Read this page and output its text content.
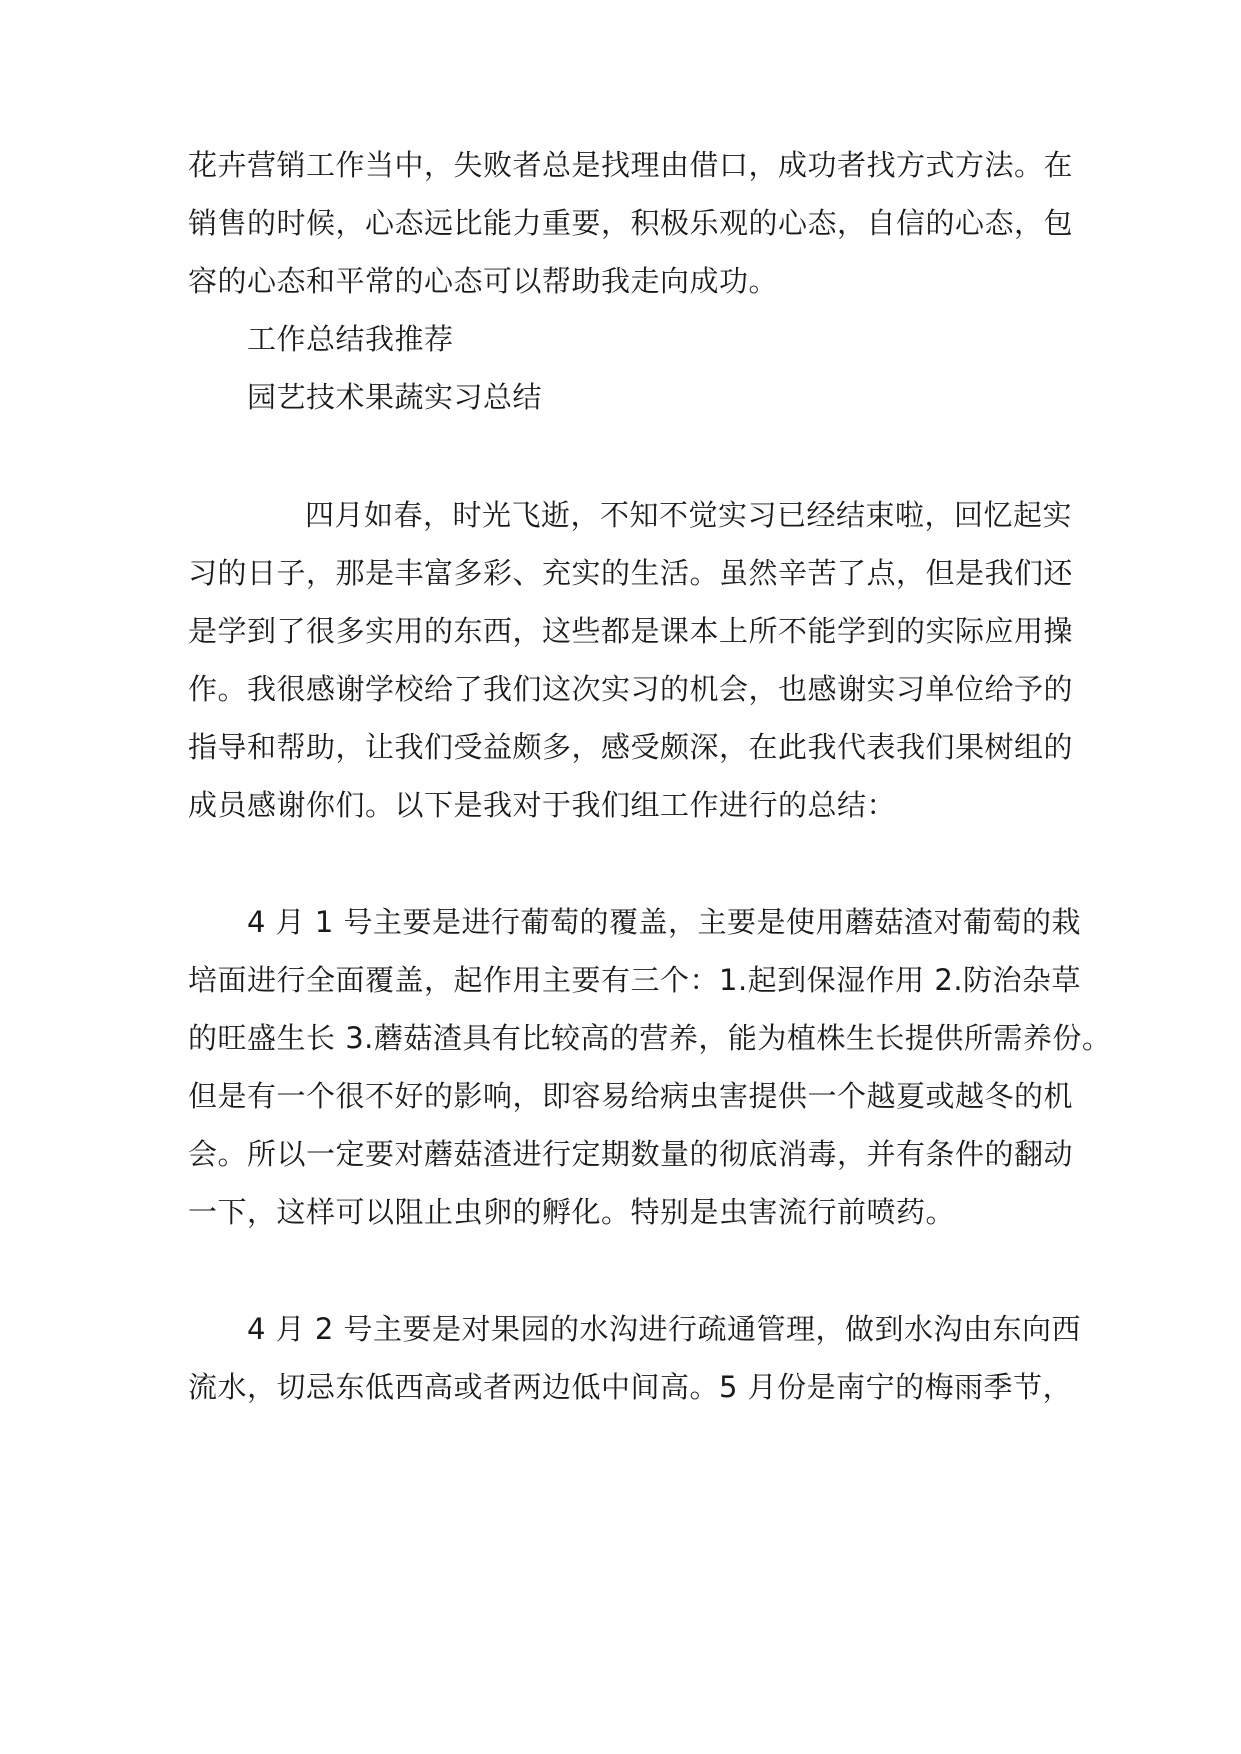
花卉营销工作当中，失败者总是找理由借口，成功者找方式方法。在
销售的时候，心态远比能力重要，积极乐观的心态，自信的心态，包
容的心态和平常的心态可以帮助我走向成功。
工作总结我推荐
园艺技术果蔬实习总结
四月如春，时光飞逝，不知不觉实习已经结束啦，回忆起实
习的日子，那是丰富多彩、充实的生活。虽然辛苦了点，但是我们还
是学到了很多实用的东西，这些都是课本上所不能学到的实际应用操
作。我很感谢学校给了我们这次实习的机会，也感谢实习单位给予的
指导和帮助，让我们受益颇多，感受颇深，在此我代表我们果树组的
成员感谢你们。以下是我对于我们组工作进行的总结：
4 月 1 号主要是进行葡萄的覆盖，主要是使用蘑菇渣对葡萄的栽
培面进行全面覆盖，起作用主要有三个：1.起到保湿作用 2.防治杂草
的旺盛生长 3.蘑菇渣具有比较高的营养，能为植株生长提供所需养份。
但是有一个很不好的影响，即容易给病虫害提供一个越夏或越冬的机
会。所以一定要对蘑菇渣进行定期数量的彻底消毒，并有条件的翻动
一下，这样可以阻止虫卵的孵化。特别是虫害流行前喷药。
4 月 2 号主要是对果园的水沟进行疏通管理，做到水沟由东向西
流水，切忌东低西高或者两边低中间高。5 月份是南宁的梅雨季节，
